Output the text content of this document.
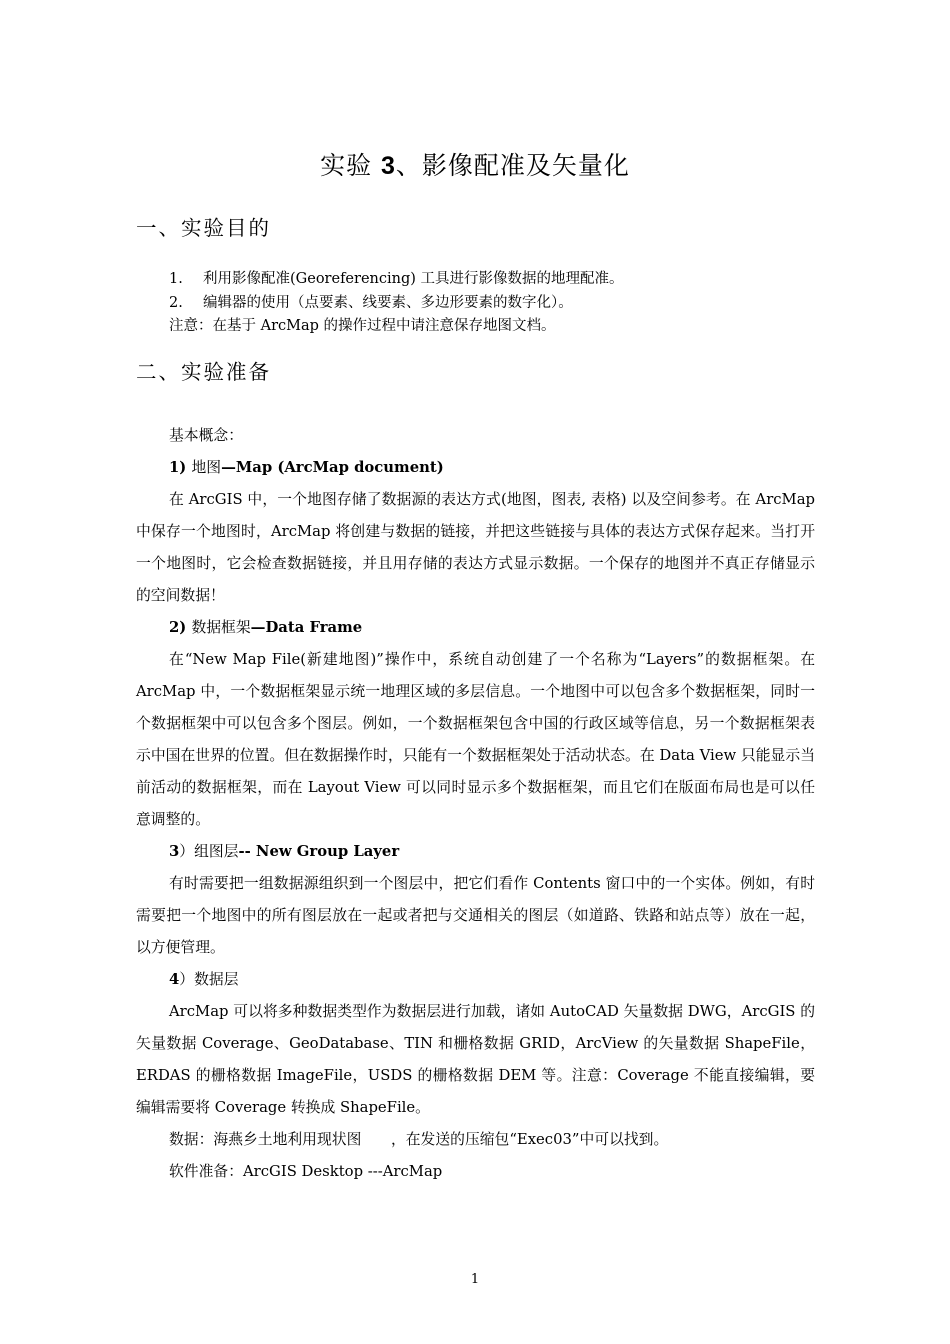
实验 3、影像配准及矢量化
一、实验目的
1. 利用影像配准(Georeferencing) 工具进行影像数据的地理配准。
2. 编辑器的使用（点要素、线要素、多边形要素的数字化）。
注意：在基于 ArcMap 的操作过程中请注意保存地图文档。
二、实验准备

基本概念：

1) 地图—Map (ArcMap document)

在 ArcGIS 中，一个地图存储了数据源的表达方式(地图，图表, 表格) 以及空间参考。在 ArcMap 中保存一个地图时，ArcMap 将创建与数据的链接，并把这些链接与具体的表达方式保存起来。当打开一个地图时，它会检查数据链接，并且用存储的表达方式显示数据。一个保存的地图并不真正存储显示的空间数据！

2) 数据框架—Data Frame

在“New Map File(新建地图)”操作中，系统自动创建了一个名称为“Layers”的数据框架。在 ArcMap 中，一个数据框架显示统一地理区域的多层信息。一个地图中可以包含多个数据框架，同时一个数据框架中可以包含多个图层。例如，一个数据框架包含中国的行政区域等信息，另一个数据框架表示中国在世界的位置。但在数据操作时，只能有一个数据框架处于活动状态。在 Data View 只能显示当前活动的数据框架，而在 Layout View 可以同时显示多个数据框架，而且它们在版面布局也是可以任意调整的。

3）组图层-- New Group Layer

有时需要把一组数据源组织到一个图层中，把它们看作 Contents 窗口中的一个实体。例如，有时需要把一个地图中的所有图层放在一起或者把与交通相关的图层（如道路、铁路和站点等）放在一起，以方便管理。

4）数据层

ArcMap 可以将多种数据类型作为数据层进行加载，诸如 AutoCAD 矢量数据 DWG，ArcGIS 的矢量数据 Coverage、GeoDatabase、TIN 和栅格数据 GRID，ArcView 的矢量数据 ShapeFile，ERDAS 的栅格数据 ImageFile，USDS 的栅格数据 DEM 等。注意：Coverage 不能直接编辑，要编辑需要将 Coverage 转换成 ShapeFile。

数据：海燕乡土地利用现状图　　，在发送的压缩包“Exec03”中可以找到。

软件准备：ArcGIS Desktop ---ArcMap

1
